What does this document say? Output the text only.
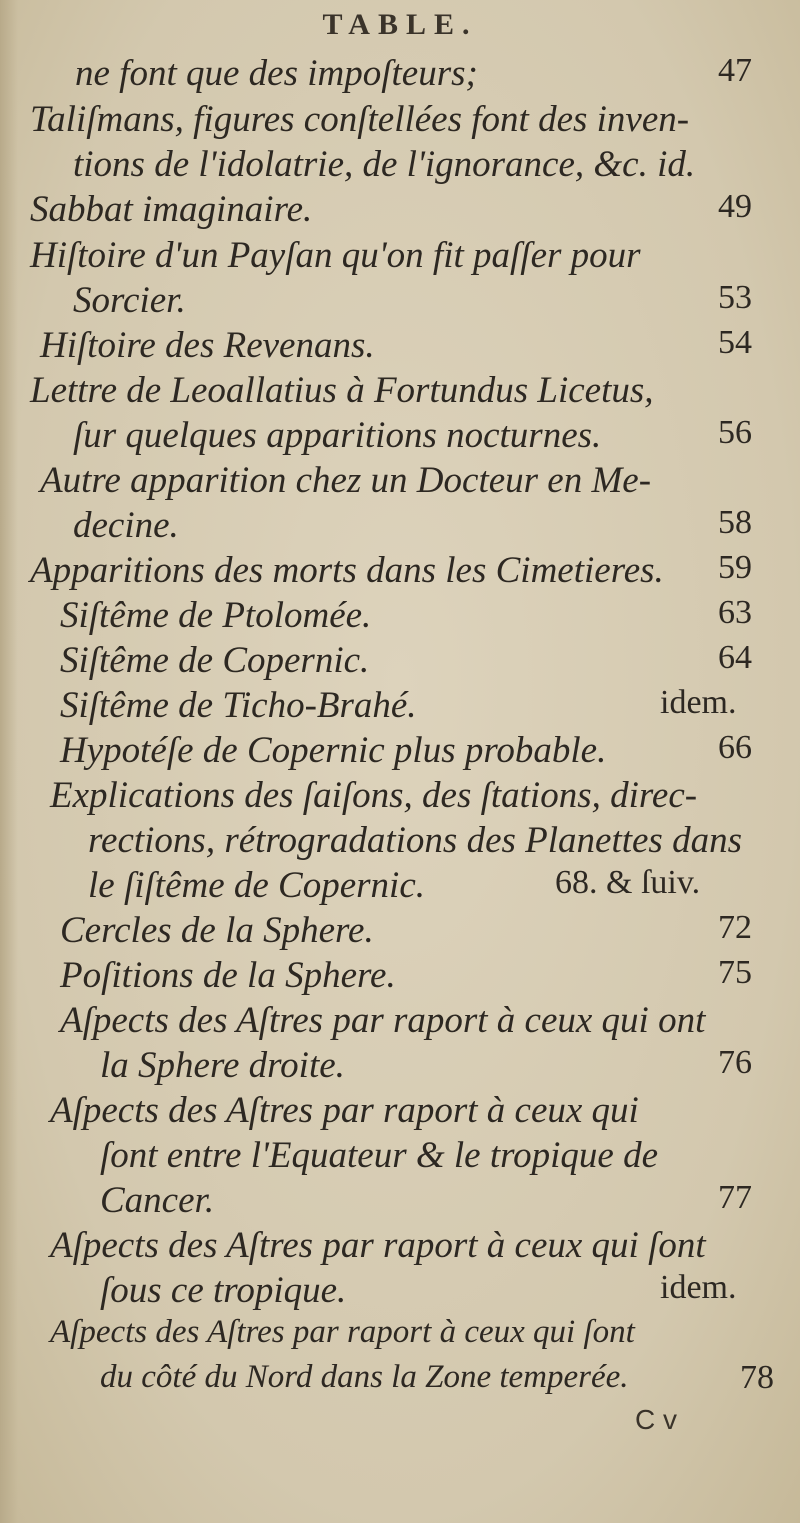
TABLE.
ne font que des impoſteurs;	47
Taliſmans, figures conſtellées font des inven-
tions de l'idolatrie, de l'ignorance, &c. id.
Sabbat imaginaire.	49
Hiſtoire d'un Payſan qu'on fit paſſer pour
Sorcier.	53
Hiſtoire des Revenans.	54
Lettre de Leoallatius à Fortundus Licetus,
ſur quelques apparitions nocturnes.	56
Autre apparition chez un Docteur en Me-
decine.	58
Apparitions des morts dans les Cimetieres. 59
Siſtême de Ptolomée.	63
Siſtême de Copernic.	64
Siſtême de Ticho-Brahé.	idem.
Hypotéſe de Copernic plus probable.	66
Explications des ſaiſons, des ſtations, direc-
rections, rétrogradations des Planettes dans
le ſiſtême de Copernic.	68. & ſuiv.
Cercles de la Sphere.	72
Poſitions de la Sphere.	75
Aſpects des Aſtres par raport à ceux qui ont
la Sphere droite.	76
Aſpects des Aſtres par raport à ceux qui
ſont entre l'Equateur & le tropique de
Cancer.	77
Aſpects des Aſtres par raport à ceux qui ſont
ſous ce tropique.	idem.
Aſpects des Aſtres par raport à ceux qui ſont
du côté du Nord dans la Zone temperée.	78
C v
